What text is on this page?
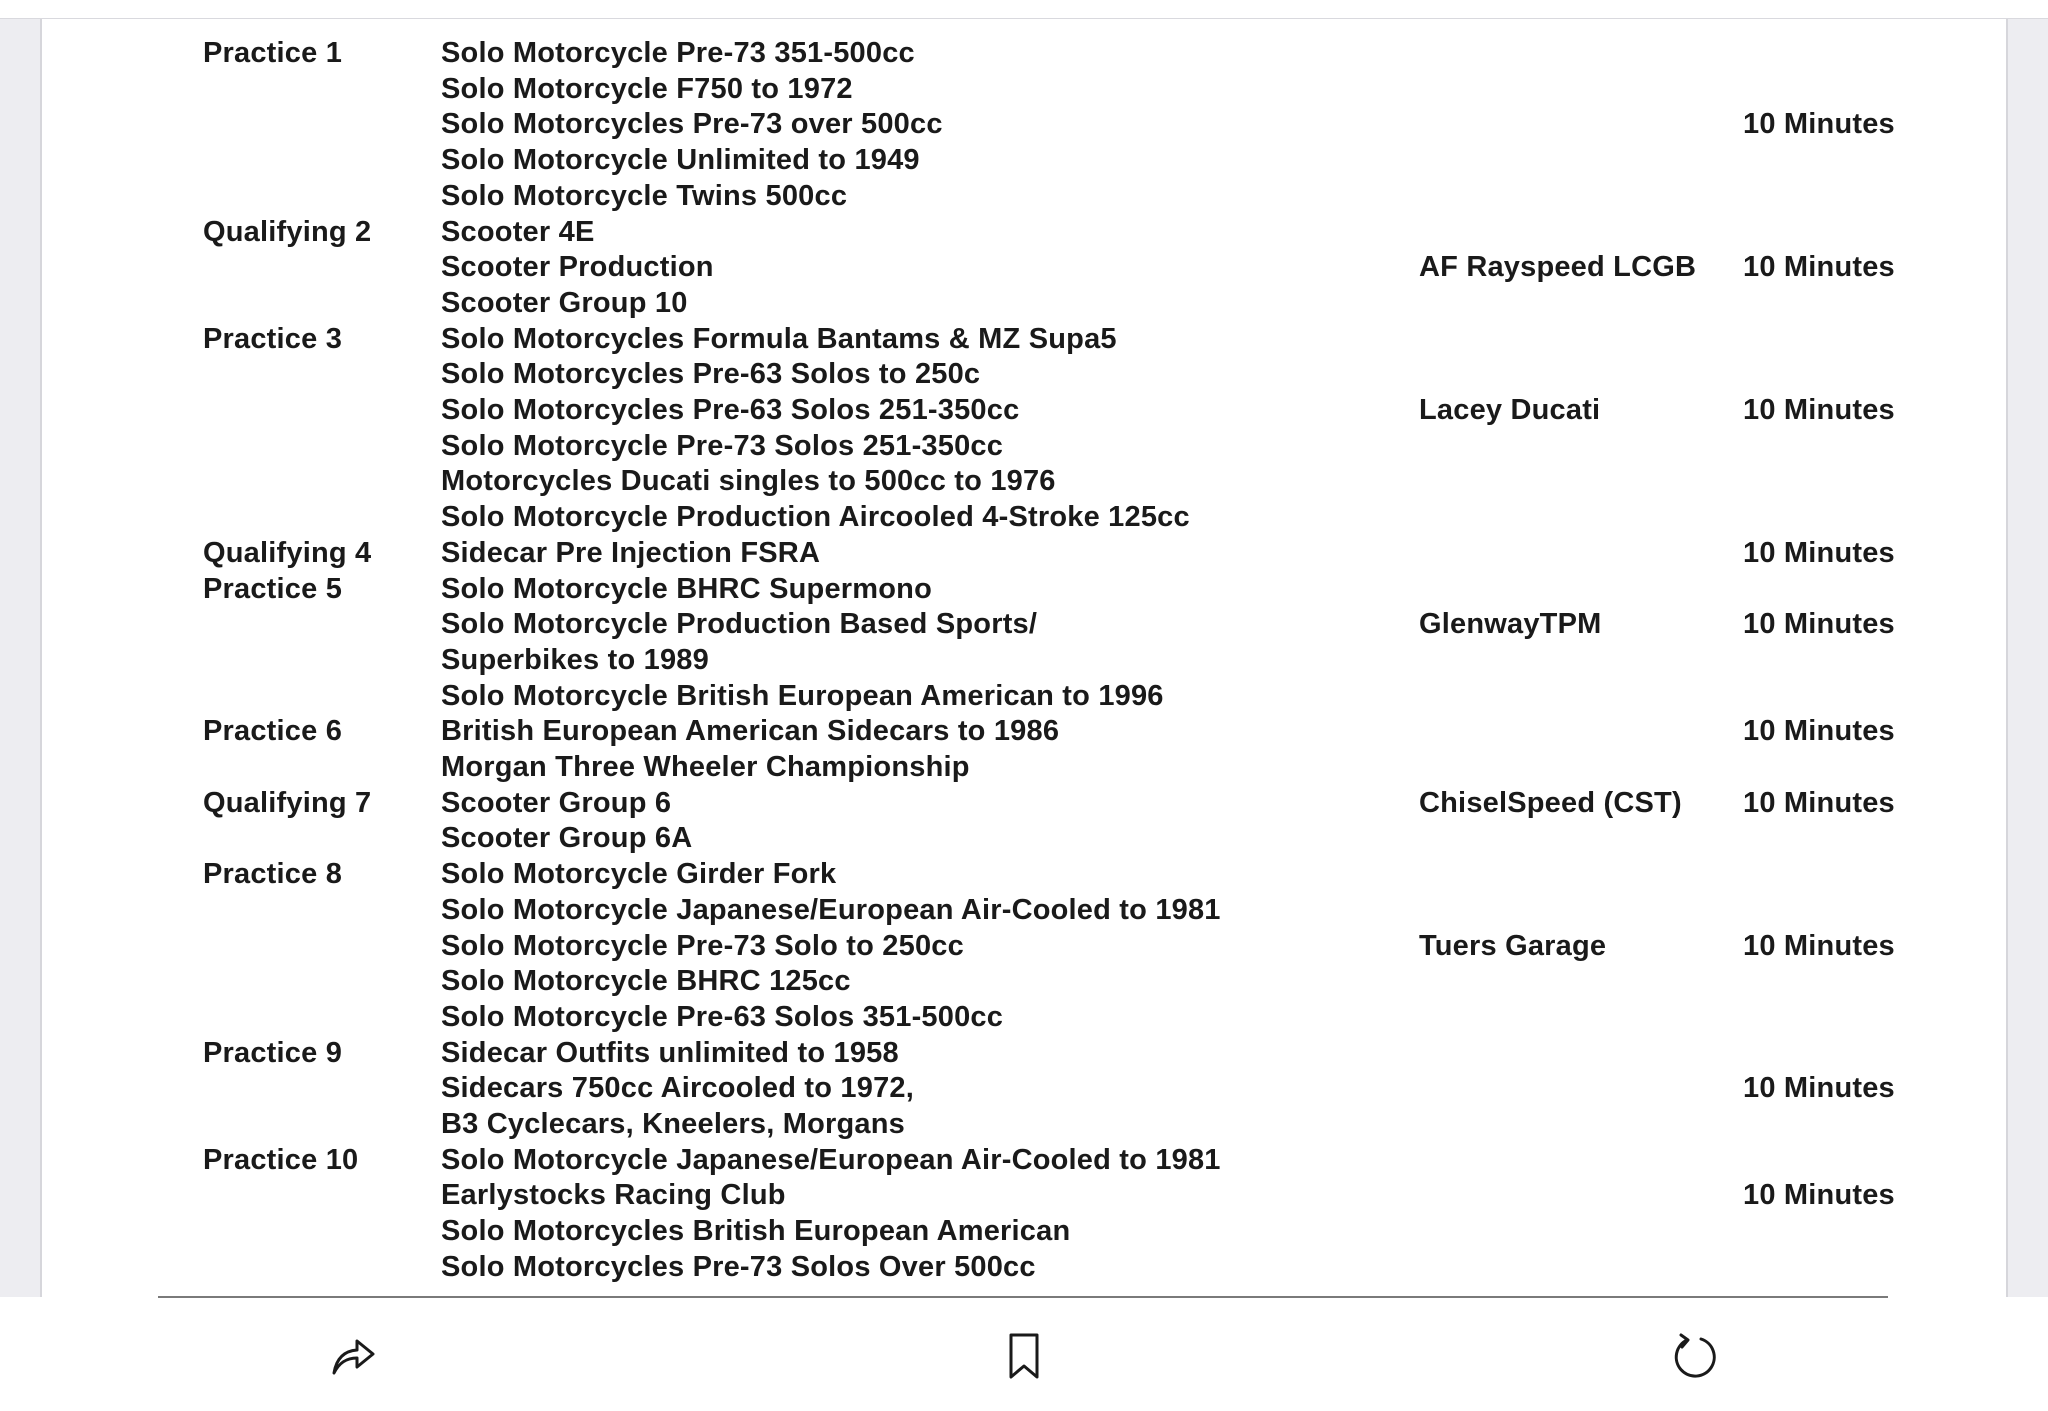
Practice 1	Solo Motorcycle Pre-73 351-500cc
Solo Motorcycle F750 to 1972
Solo Motorcycles Pre-73 over 500cc
Solo Motorcycle Unlimited to 1949
Solo Motorcycle Twins 500cc
10 Minutes
Qualifying 2 Scooter 4E
Scooter Production
Scooter Group 10
AF Rayspeed LCGB 10 Minutes
Practice 3	Solo Motorcycles Formula Bantams & MZ Supa5
Solo Motorcycles Pre-63 Solos to 250c
Solo Motorcycles Pre-63 Solos 251-350cc
Solo Motorcycle Pre-73 Solos 251-350cc
Motorcycles Ducati singles to 500cc to 1976
Solo Motorcycle Production Aircooled 4-Stroke 125cc
Lacey Ducati	10 Minutes
Qualifying 4 Sidecar Pre Injection FSRA	10 Minutes
Practice 5	Solo Motorcycle BHRC Supermono
Solo Motorcycle Production Based Sports/
Superbikes to 1989
Solo Motorcycle British European American to 1996
GlenwayTPM	10 Minutes
Practice 6	British European American Sidecars to 1986
Morgan Three Wheeler Championship
10 Minutes
Qualifying 7 Scooter Group 6
Scooter Group 6A
ChiselSpeed (CST) 10 Minutes
Practice 8	Solo Motorcycle Girder Fork
Solo Motorcycle Japanese/European Air-Cooled to 1981
Solo Motorcycle Pre-73 Solo to 250cc
Solo Motorcycle BHRC 125cc
Solo Motorcycle Pre-63 Solos 351-500cc
Tuers Garage	10 Minutes
Practice 9	Sidecar Outfits unlimited to 1958
Sidecars 750cc Aircooled to 1972,
B3 Cyclecars, Kneelers, Morgans
10 Minutes
Practice 10	Solo Motorcycle Japanese/European Air-Cooled to 1981
Earlystocks Racing Club
Solo Motorcycles British European American
Solo Motorcycles Pre-73 Solos Over 500cc
10 Minutes
